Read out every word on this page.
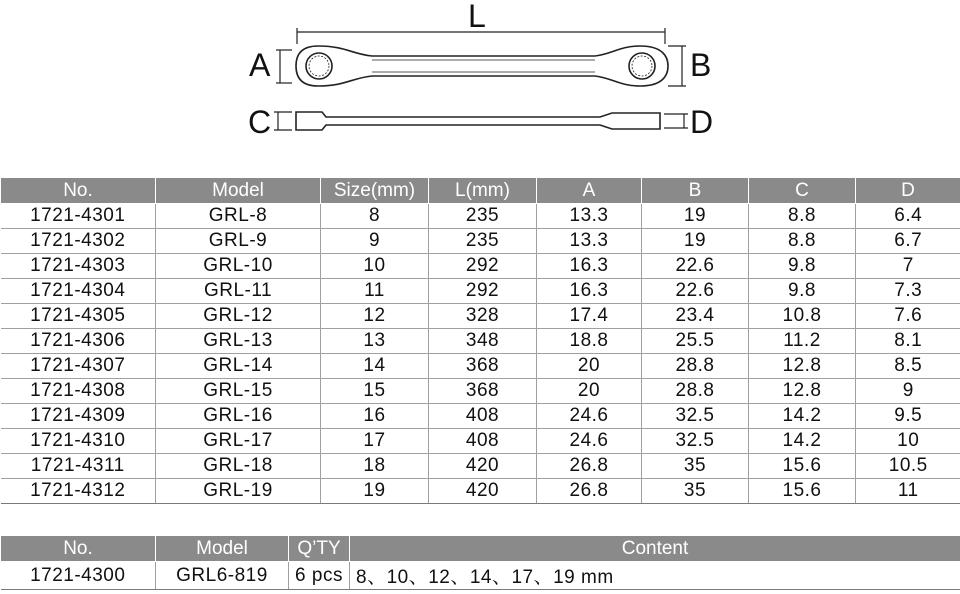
L
A	B
C	D
No.	Model	Size(mm)	L(mm)	A	B	C	D
1721-4301	GRL-8	8	235	13.3	19	8.8	6.4
1721-4302	GRL-9	9	235	13.3	19	8.8	6.7
1721-4303	GRL-10	10	292	16.3	22.6	9.8	7
1721-4304	GRL-11	11	292	16.3	22.6	9.8	7.3
1721-4305	GRL-12	12	328	17.4	23.4	10.8	7.6
1721-4306	GRL-13	13	348	18.8	25.5	11.2	8.1
1721-4307	GRL-14	14	368	20	28.8	12.8	8.5
1721-4308	GRL-15	15	368	20	28.8	12.8	9
1721-4309	GRL-16	16	408	24.6	32.5	14.2	9.5
1721-4310	GRL-17	17	408	24.6	32.5	14.2	10
1721-4311	GRL-18	18	420	26.8	35	15.6	10.5
1721-4312	GRL-19	19	420	26.8	35	15.6	11
No.	Model	Q’TY	Content
1721-4300	GRL6-819	6 pcs	8、10、12、14、17、19 mm
